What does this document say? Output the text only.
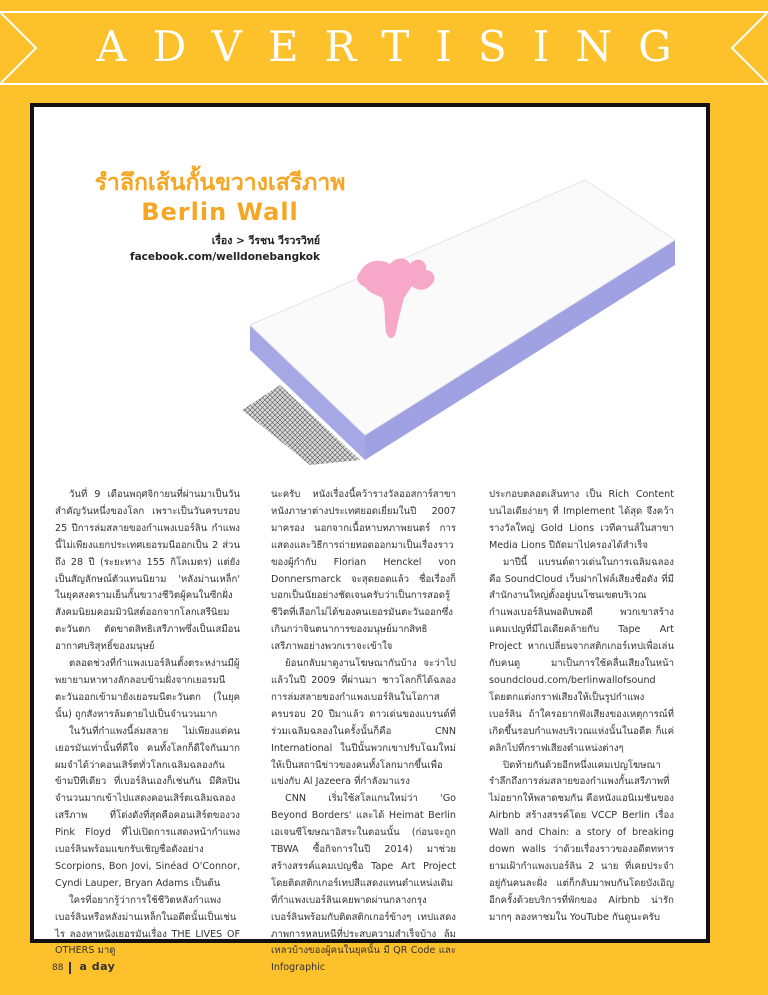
ADVERTISING
รำลึกเส้นกั้นขวางเสรีภาพ
Berlin Wall
เรื่อง > วีรชน วีรวรวิทย์
facebook.com/welldonebangkok

วันที่ 9 เดือนพฤศจิกายนที่ผ่านมาเป็นวันสำคัญวันหนึ่งของโลก เพราะเป็นวันครบรอบ 25 ปีการล่มสลายของกำแพงเบอร์ลิน กำแพงนี้ไม่เพียงแยกประเทศเยอรมนีออกเป็น 2 ส่วนถึง 28 ปี (ระยะทาง 155 กิโลเมตร) แต่ยังเป็นสัญลักษณ์ตัวแทนนิยาม 'หลังม่านเหล็ก' ในยุคสงครามเย็นกั้นขวางชีวิตผู้คนในซีกฝั่งสังคมนิยมคอมมิวนิสต์ออกจากโลกเสรีนิยมตะวันตก ตัดขาดสิทธิเสรีภาพซึ่งเป็นเสมือนอากาศบริสุทธิ์ของมนุษย์

ตลอดช่วงที่กำแพงเบอร์ลินตั้งตระหง่านมีผู้พยายามหาทางลักลอบข้ามฝั่งจากเยอรมนีตะวันออกเข้ามายังเยอรมนีตะวันตก (ในยุคนั้น) ถูกสังหารล้มตายไปเป็นจำนวนมาก

ในวันที่กำแพงนี้ล่มสลาย ไม่เพียงแต่คนเยอรมันเท่านั้นที่ดีใจ คนทั้งโลกก็ดีใจกันมาก ผมจำได้ว่าคอนเสิร์ตทั่วโลกเฉลิมฉลองกันข้ามปีทีเดียว ที่เบอร์ลินเองก็เช่นกัน มีศิลปินจำนวนมากเข้าไปแสดงคอนเสิร์ตเฉลิมฉลองเสรีภาพ ที่โด่งดังที่สุดคือคอนเสิร์ตของวง Pink Floyd ที่ไปเปิดการแสดงหน้ากำแพงเบอร์ลินพร้อมแขกรับเชิญชื่อดังอย่าง Scorpions, Bon Jovi, Sinéad O'Connor, Cyndi Lauper, Bryan Adams เป็นต้น

ใครที่อยากรู้ว่าการใช้ชีวิตหลังกำแพงเบอร์ลินหรือหลังม่านเหล็กในอดีตนั้นเป็นเช่นไร ลองหาหนังเยอรมันเรื่อง THE LIVES OF OTHERS มาดู

นะครับ หนังเรื่องนี้คว้ารางวัลออสการ์สาขาหนังภาษาต่างประเทศยอดเยี่ยมในปี 2007 มาครอง นอกจากเนื้อหาบทภาพยนตร์ การแสดงและวิธีการถ่ายทอดออกมาเป็นเรื่องราวของผู้กำกับ Florian Henckel von Donnersmarck จะสุดยอดแล้ว ชื่อเรื่องก็บอกเป็นนัยอย่างชัดเจนครับว่าเป็นการสอดรู้ชีวิตที่เลือกไม่ได้ของคนเยอรมันตะวันออกซึ่งเกินกว่าจินตนาการของมนุษย์มากสิทธิเสรีภาพอย่างพวกเราจะเข้าใจ

ย้อนกลับมาดูงานโฆษณากันบ้าง จะว่าไปแล้วในปี 2009 ที่ผ่านมา ชาวโลกก็ได้ฉลองการล่มสลายของกำแพงเบอร์ลินในโอกาสครบรอบ 20 ปีมาแล้ว ดาวเด่นของแบรนด์ที่ร่วมเฉลิมฉลองในครั้งนั้นก็คือ CNN International ในปีนั้นพวกเขาปรับโฉมใหม่ให้เป็นสถานีข่าวของคนทั้งโลกมากขึ้นเพื่อแข่งกับ Al Jazeera ที่กำลังมาแรง

CNN เริ่มใช้สโลแกนใหม่ว่า 'Go Beyond Borders' และได้ Heimat Berlin เอเจนซีโฆษณาอิสระในตอนนั้น (ก่อนจะถูก TBWA ซื้อกิจการในปี 2014) มาช่วยสร้างสรรค์แคมเปญชื่อ Tape Art Project โดยติดสติกเกอร์เทปสีแสดงแทนตำแหน่งเดิมที่กำแพงเบอร์ลินเคยพาดผ่านกลางกรุงเบอร์ลินพร้อมกับติดสติกเกอร์ข้างๆ เทปแสดงภาพการหลบหนีที่ประสบความสำเร็จบ้าง ล้มเหลวบ้างของผู้คนในยุคนั้น มี QR Code และ Infographic

ประกอบตลอดเส้นทาง เป็น Rich Content บนไอเดียง่ายๆ ที่ Implement ได้สุด จึงคว้ารางวัลใหญ่ Gold Lions เวทีคานส์ในสาขา Media Lions ปีถัดมาไปครองได้สำเร็จ

มาปีนี้ แบรนด์ดาวเด่นในการเฉลิมฉลองคือ SoundCloud เว็บฝากไฟล์เสียงชื่อดัง ที่มีสำนักงานใหญ่ตั้งอยู่บนโซนเขตบริเวณกำแพงเบอร์ลินพอดิบพอดี พวกเขาสร้างแคมเปญที่มีไอเดียคล้ายกับ Tape Art Project หากเปลี่ยนจากสติกเกอร์เทปเพื่อเล่นกับคนดู มาเป็นการใช้คลื่นเสียงในหน้า soundcloud.com/berlinwallofsound โดยตกแต่งกราฟเสียงให้เป็นรูปกำแพงเบอร์ลิน ถ้าใครอยากฟังเสียงของเหตุการณ์ที่เกิดขึ้นรอบกำแพงบริเวณแห่งนั้นในอดีต ก็แค่คลิกไปที่กราฟเสียงตำแหน่งต่างๆ

ปิดท้ายกันด้วยอีกหนึ่งแคมเปญโฆษณารำลึกถึงการล่มสลายของกำแพงกั้นเสรีภาพที่ไม่อยากให้พลาดชมกัน คือหนังแอนิเมชันของ Airbnb สร้างสรรค์โดย VCCP Berlin เรื่อง Wall and Chain: a story of breaking down walls ว่าด้วยเรื่องราวของอดีตทหารยามเฝ้ากำแพงเบอร์ลิน 2 นาย ที่เคยประจำอยู่กันคนละฝั่ง แต่ก็กลับมาพบกันโดยบังเอิญอีกครั้งด้วยบริการที่พักของ Airbnb น่ารักมากๆ ลองหาชมใน YouTube กันดูนะครับ

88 a day
